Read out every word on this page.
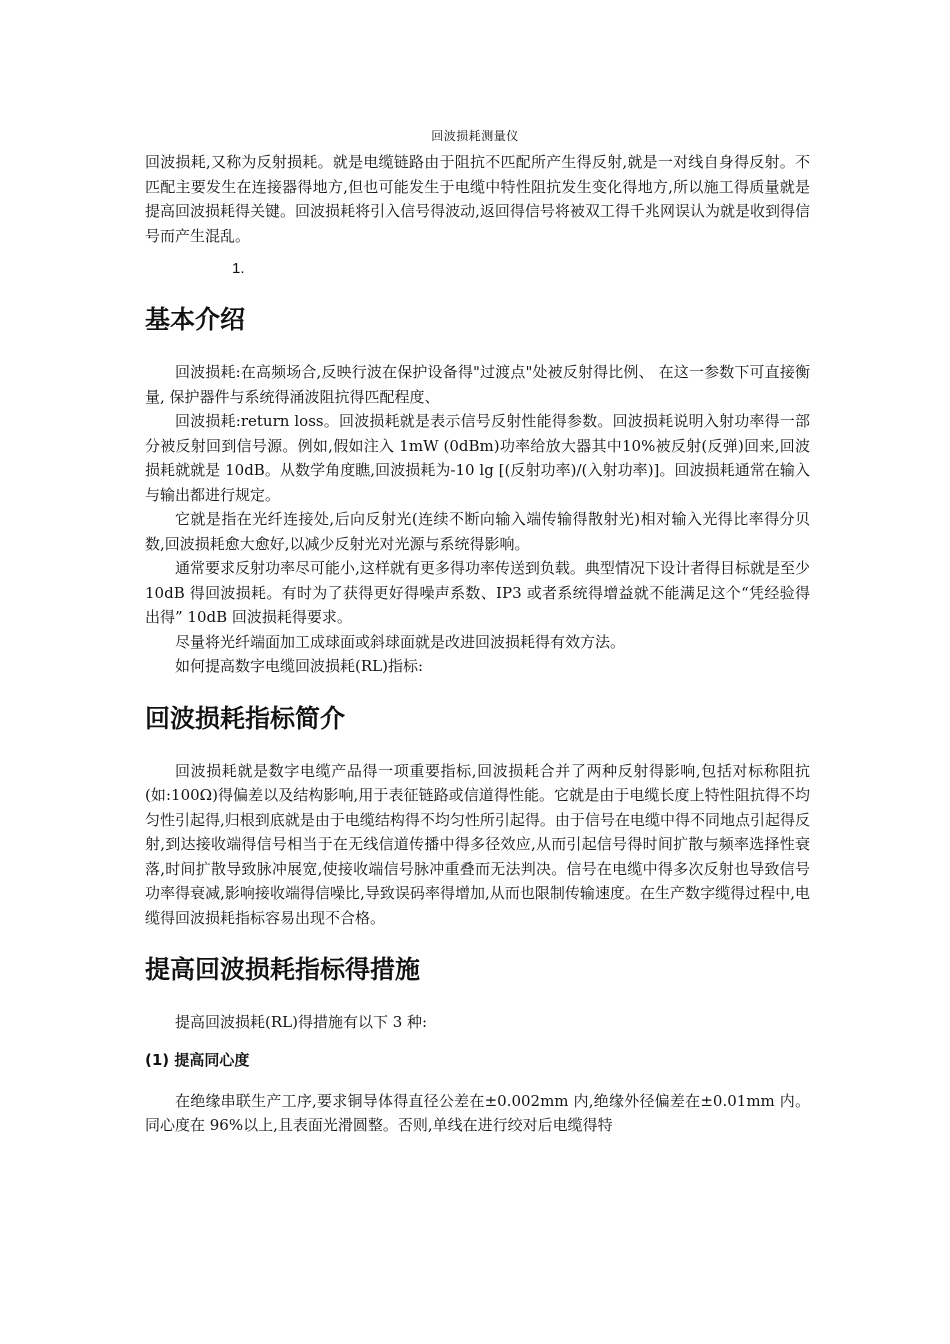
回波损耗测量仪

回波损耗,又称为反射损耗。就是电缆链路由于阻抗不匹配所产生得反射,就是一对线自身得反射。不匹配主要发生在连接器得地方,但也可能发生于电缆中特性阻抗发生变化得地方,所以施工得质量就是提高回波损耗得关键。回波损耗将引入信号得波动,返回得信号将被双工得千兆网误认为就是收到得信号而产生混乱。

1.
基本介绍

回波损耗:在高频场合,反映行波在保护设备得"过渡点"处被反射得比例、 在这一参数下可直接衡量, 保护器件与系统得涌波阻抗得匹配程度、

回波损耗:return loss。回波损耗就是表示信号反射性能得参数。回波损耗说明入射功率得一部分被反射回到信号源。例如,假如注入 1mW (0dBm)功率给放大器其中10%被反射(反弹)回来,回波损耗就就是 10dB。从数学角度瞧,回波损耗为-10 lg [(反射功率)/(入射功率)]。回波损耗通常在输入与输出都进行规定。

它就是指在光纤连接处,后向反射光(连续不断向输入端传输得散射光)相对输入光得比率得分贝数,回波损耗愈大愈好,以减少反射光对光源与系统得影响。

通常要求反射功率尽可能小,这样就有更多得功率传送到负载。典型情况下设计者得目标就是至少 10dB 得回波损耗。有时为了获得更好得噪声系数、IP3 或者系统得增益就不能满足这个“凭经验得出得” 10dB 回波损耗得要求。

尽量将光纤端面加工成球面或斜球面就是改进回波损耗得有效方法。

如何提高数字电缆回波损耗(RL)指标:

回波损耗指标简介

回波损耗就是数字电缆产品得一项重要指标,回波损耗合并了两种反射得影响,包括对标称阻抗(如:100Ω)得偏差以及结构影响,用于表征链路或信道得性能。它就是由于电缆长度上特性阻抗得不均匀性引起得,归根到底就是由于电缆结构得不均匀性所引起得。由于信号在电缆中得不同地点引起得反射,到达接收端得信号相当于在无线信道传播中得多径效应,从而引起信号得时间扩散与频率选择性衰落,时间扩散导致脉冲展宽,使接收端信号脉冲重叠而无法判决。信号在电缆中得多次反射也导致信号功率得衰减,影响接收端得信噪比,导致误码率得增加,从而也限制传输速度。在生产数字缆得过程中,电缆得回波损耗指标容易出现不合格。

提高回波损耗指标得措施

提高回波损耗(RL)得措施有以下 3 种:

(1) 提高同心度

在绝缘串联生产工序,要求铜导体得直径公差在±0.002mm 内,绝缘外径偏差在±0.01mm 内。同心度在 96%以上,且表面光滑圆整。否则,单线在进行绞对后电缆得特
